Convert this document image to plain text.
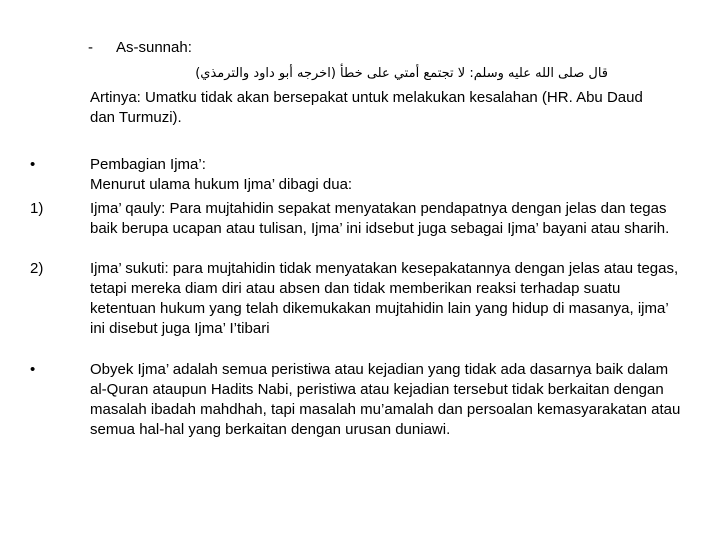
- As-sunnah:
قال صلى الله عليه وسلم: لا تجتمع أمتي على خطأ (اخرجه أبو داود والترمذي)
Artinya: Umatku tidak akan bersepakat untuk melakukan kesalahan (HR. Abu Daud dan Turmuzi).
•	Pembagian Ijma’:
Menurut ulama hukum Ijma’ dibagi dua:
1)	Ijma’ qauly: Para mujtahidin sepakat menyatakan pendapatnya dengan jelas dan tegas baik berupa ucapan atau tulisan, Ijma’ ini idsebut juga sebagai Ijma’ bayani atau sharih.
2)	Ijma’ sukuti: para mujtahidin tidak menyatakan kesepakatannya dengan jelas atau tegas, tetapi mereka diam diri atau absen dan tidak memberikan reaksi terhadap suatu ketentuan hukum yang telah dikemukakan mujtahidin lain yang hidup di masanya, ijma’ ini disebut juga Ijma’ I’tibari
•	Obyek Ijma’ adalah semua peristiwa atau kejadian yang tidak ada dasarnya baik dalam al-Quran ataupun Hadits Nabi, peristiwa atau kejadian tersebut tidak berkaitan dengan masalah ibadah mahdhah, tapi masalah mu’amalah dan persoalan kemasyarakatan atau semua hal-hal yang berkaitan dengan urusan duniawi.
